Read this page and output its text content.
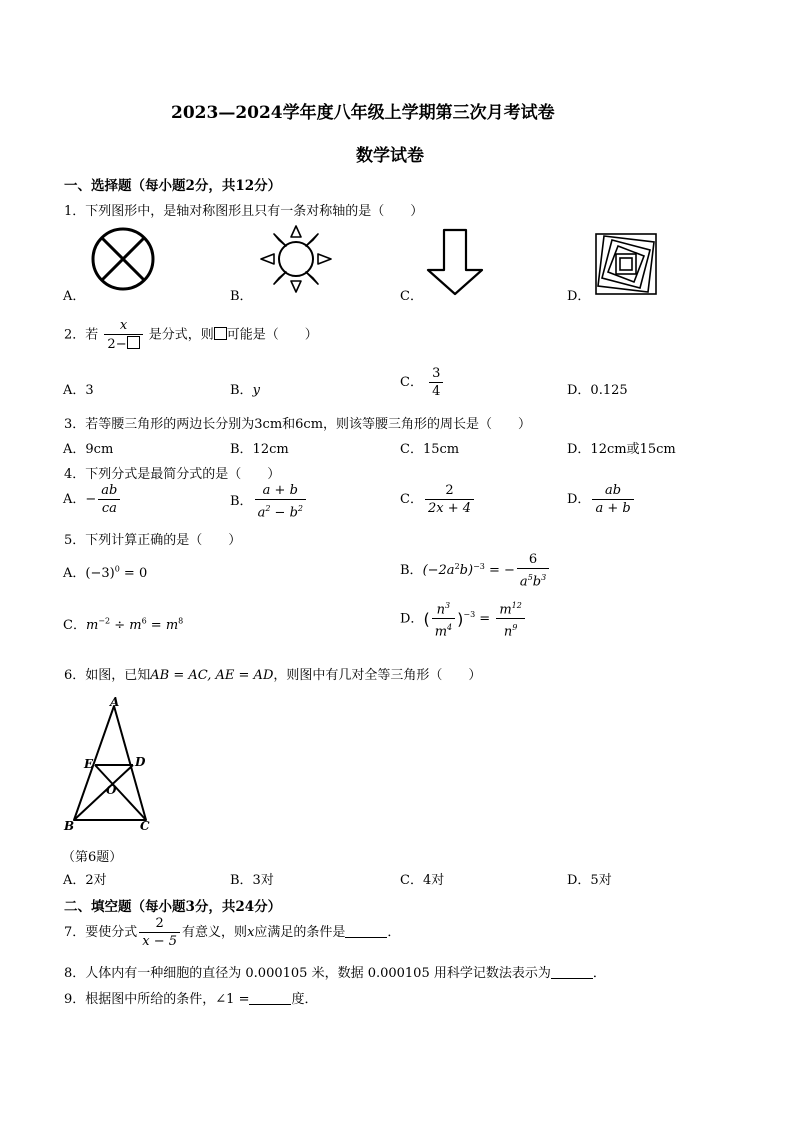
2023—2024学年度八年级上学期第三次月考试卷
数学试卷
一、选择题（每小题2分，共12分）
1．下列图形中，是轴对称图形且只有一条对称轴的是（　　）
A．	B．	C．	D．
2．若 $\frac{x}{2-}$ 是分式，则 可能是（　　）
A．3	B．y
C． $\frac{3}{4}$	D．0.125
3．若等腰三角形的两边长分别为3cm和6cm，则该等腰三角形的周长是（　　）
A．9cm	B．12cm	C．15cm	D．12cm或15cm
4．下列分式是最简分式的是（　　）
A．− $\frac{ab}{ca}$	B． $\frac{a + b}{a^2 - b^2}$	C． $\frac{2}{2x + 4}$	D． $\frac{ab}{a + b}$
5．下列计算正确的是（　　）
A．$(-3)^0 = 0$	B．$(-2a^2b)^{-3}$ = − $\frac{6}{a^5b^3}$
C．$m^{-2} \div m^6 = m^8$	D．( $\frac{n^3}{m^4} )^{-3} = \frac{m^{12}}{n^9}$
6．如图，已知AB = AC, AE = AD，则图中有几对全等三角形（　　）
A
E	D
O
B	C
（第6题）
A．2对	B．3对	C．4对	D．5对
二、填空题（每小题3分，共24分）
7．要使分式 $\frac{2}{x - 5}$ 有意义，则x应满足的条件是	．
8．人体内有一种细胞的直径为 0.000105 米，数据 0.000105 用科学记数法表示为	．
9．根据图中所给的条件，∠1 =	度．
